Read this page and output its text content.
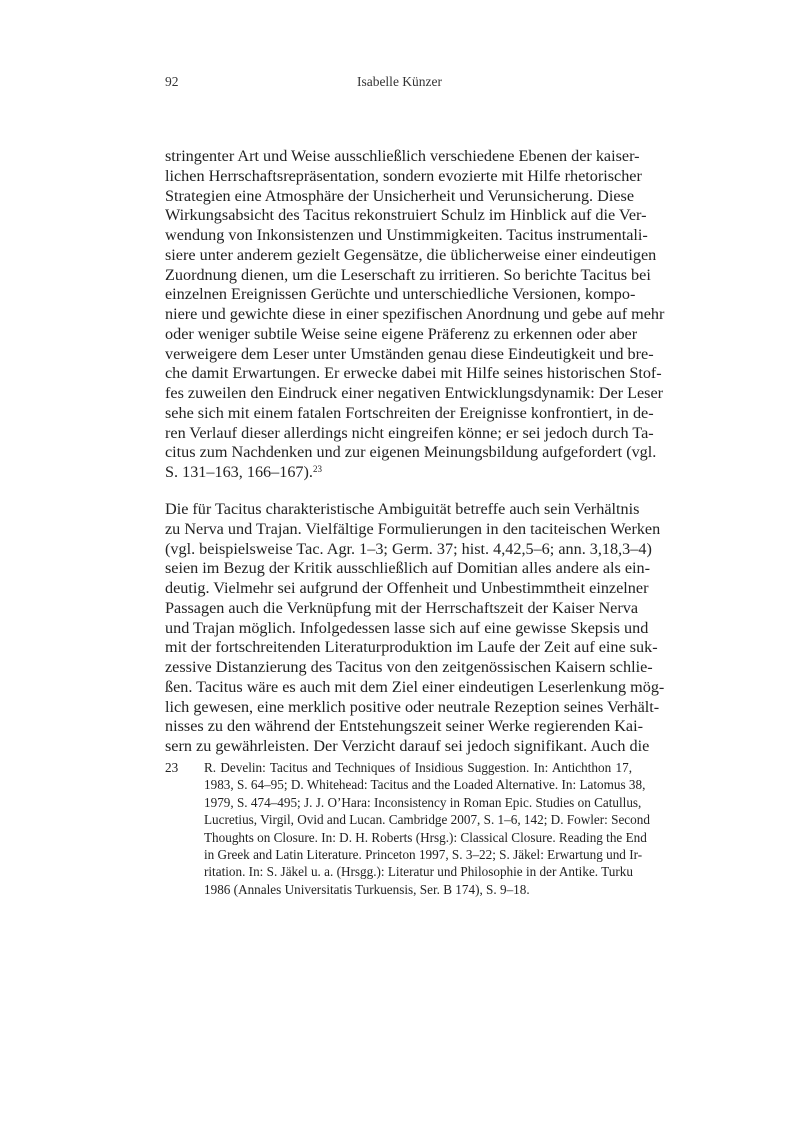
92	Isabelle Künzer
stringenter Art und Weise ausschließlich verschiedene Ebenen der kaiser-
lichen Herrschaftsrepräsentation, sondern evozierte mit Hilfe rhetorischer
Strategien eine Atmosphäre der Unsicherheit und Verunsicherung. Diese
Wirkungsabsicht des Tacitus rekonstruiert Schulz im Hinblick auf die Ver-
wendung von Inkonsistenzen und Unstimmigkeiten. Tacitus instrumentali-
siere unter anderem gezielt Gegensätze, die üblicherweise einer eindeutigen
Zuordnung dienen, um die Leserschaft zu irritieren. So berichte Tacitus bei
einzelnen Ereignissen Gerüchte und unterschiedliche Versionen, kompo-
niere und gewichte diese in einer spezifischen Anordnung und gebe auf mehr
oder weniger subtile Weise seine eigene Präferenz zu erkennen oder aber
verweigere dem Leser unter Umständen genau diese Eindeutigkeit und bre-
che damit Erwartungen. Er erwecke dabei mit Hilfe seines historischen Stof-
fes zuweilen den Eindruck einer negativen Entwicklungsdynamik: Der Leser
sehe sich mit einem fatalen Fortschreiten der Ereignisse konfrontiert, in de-
ren Verlauf dieser allerdings nicht eingreifen könne; er sei jedoch durch Ta-
citus zum Nachdenken und zur eigenen Meinungsbildung aufgefordert (vgl.
S. 131–163, 166–167).$^{23}$
Die für Tacitus charakteristische Ambiguität betreffe auch sein Verhältnis
zu Nerva und Trajan. Vielfältige Formulierungen in den taciteischen Werken
(vgl. beispielsweise Tac. Agr. 1–3; Germ. 37; hist. 4,42,5–6; ann. 3,18,3–4)
seien im Bezug der Kritik ausschließlich auf Domitian alles andere als ein-
deutig. Vielmehr sei aufgrund der Offenheit und Unbestimmtheit einzelner
Passagen auch die Verknüpfung mit der Herrschaftszeit der Kaiser Nerva
und Trajan möglich. Infolgedessen lasse sich auf eine gewisse Skepsis und
mit der fortschreitenden Literaturproduktion im Laufe der Zeit auf eine suk-
zessive Distanzierung des Tacitus von den zeitgenössischen Kaisern schlie-
ßen. Tacitus wäre es auch mit dem Ziel einer eindeutigen Leserlenkung mög-
lich gewesen, eine merklich positive oder neutrale Rezeption seines Verhält-
nisses zu den während der Entstehungszeit seiner Werke regierenden Kai-
sern zu gewährleisten. Der Verzicht darauf sei jedoch signifikant. Auch die
23 R. Develin: Tacitus and Techniques of Insidious Suggestion. In: Antichthon 17,
1983, S. 64–95; D. Whitehead: Tacitus and the Loaded Alternative. In: Latomus 38,
1979, S. 474–495; J. J. O’Hara: Inconsistency in Roman Epic. Studies on Catullus,
Lucretius, Virgil, Ovid and Lucan. Cambridge 2007, S. 1–6, 142; D. Fowler: Second
Thoughts on Closure. In: D. H. Roberts (Hrsg.): Classical Closure. Reading the End
in Greek and Latin Literature. Princeton 1997, S. 3–22; S. Jäkel: Erwartung und Ir-
ritation. In: S. Jäkel u. a. (Hrsgg.): Literatur und Philosophie in der Antike. Turku
1986 (Annales Universitatis Turkuensis, Ser. B 174), S. 9–18.
